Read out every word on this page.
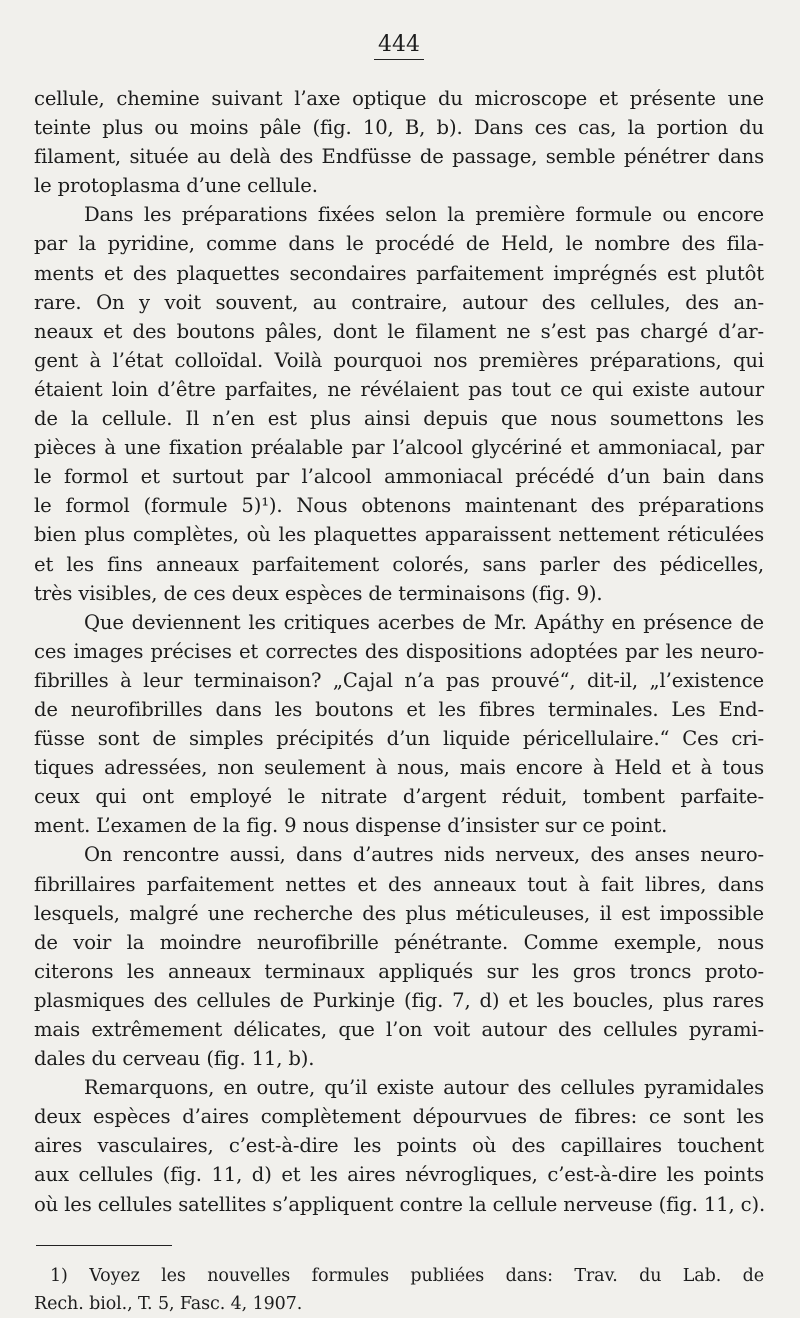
444
cellule, chemine suivant l’axe optique du microscope et présente une
teinte plus ou moins pâle (fig. 10, B, b). Dans ces cas, la portion du
filament, située au delà des Endfüsse de passage, semble pénétrer dans
le protoplasma d’une cellule.
Dans les préparations fixées selon la première formule ou encore
par la pyridine, comme dans le procédé de Held, le nombre des fila-
ments et des plaquettes secondaires parfaitement imprégnés est plutôt
rare. On y voit souvent, au contraire, autour des cellules, des an-
neaux et des boutons pâles, dont le filament ne s’est pas chargé d’ar-
gent à l’état colloïdal. Voilà pourquoi nos premières préparations, qui
étaient loin d’être parfaites, ne révélaient pas tout ce qui existe autour
de la cellule. Il n’en est plus ainsi depuis que nous soumettons les
pièces à une fixation préalable par l’alcool glycériné et ammoniacal, par
le formol et surtout par l’alcool ammoniacal précédé d’un bain dans
le formol (formule 5)¹). Nous obtenons maintenant des préparations
bien plus complètes, où les plaquettes apparaissent nettement réticulées
et les fins anneaux parfaitement colorés, sans parler des pédicelles,
très visibles, de ces deux espèces de terminaisons (fig. 9).
Que deviennent les critiques acerbes de Mr. Apáthy en présence de
ces images précises et correctes des dispositions adoptées par les neuro-
fibrilles à leur terminaison? „Cajal n’a pas prouvé“, dit-il, „l’existence
de neurofibrilles dans les boutons et les fibres terminales. Les End-
füsse sont de simples précipités d’un liquide péricellulaire.“ Ces cri-
tiques adressées, non seulement à nous, mais encore à Held et à tous
ceux qui ont employé le nitrate d’argent réduit, tombent parfaite-
ment. L’examen de la fig. 9 nous dispense d’insister sur ce point.
On rencontre aussi, dans d’autres nids nerveux, des anses neuro-
fibrillaires parfaitement nettes et des anneaux tout à fait libres, dans
lesquels, malgré une recherche des plus méticuleuses, il est impossible
de voir la moindre neurofibrille pénétrante. Comme exemple, nous
citerons les anneaux terminaux appliqués sur les gros troncs proto-
plasmiques des cellules de Purkinje (fig. 7, d) et les boucles, plus rares
mais extrêmement délicates, que l’on voit autour des cellules pyrami-
dales du cerveau (fig. 11, b).
Remarquons, en outre, qu’il existe autour des cellules pyramidales
deux espèces d’aires complètement dépourvues de fibres: ce sont les
aires vasculaires, c’est-à-dire les points où des capillaires touchent
aux cellules (fig. 11, d) et les aires névrogliques, c’est-à-dire les points
où les cellules satellites s’appliquent contre la cellule nerveuse (fig. 11, c).
1) Voyez les nouvelles formules publiées dans: Trav. du Lab. de
Rech. biol., T. 5, Fasc. 4, 1907.
